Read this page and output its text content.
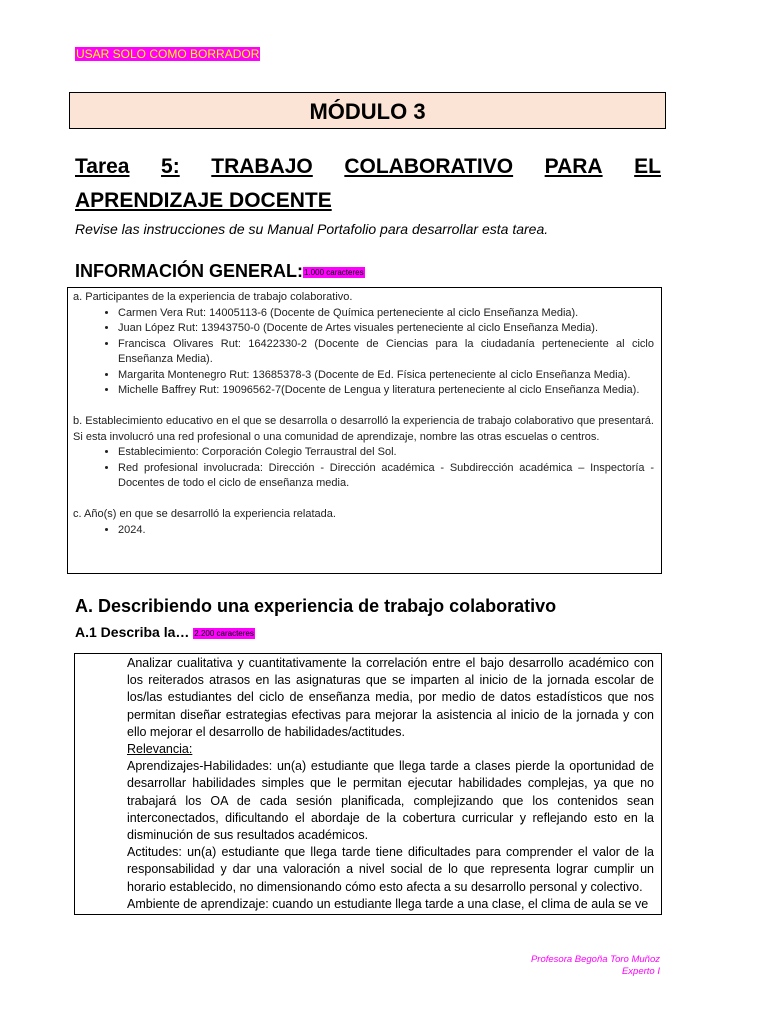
USAR SOLO COMO BORRADOR
MÓDULO 3
Tarea 5: TRABAJO COLABORATIVO PARA EL
APRENDIZAJE DOCENTE
Revise las instrucciones de su Manual Portafolio para desarrollar esta tarea.
INFORMACIÓN GENERAL:1.000 caracteres

a. Participantes de la experiencia de trabajo colaborativo.

• Carmen Vera Rut: 14005113-6 (Docente de Química perteneciente al ciclo Enseñanza Media).
• Juan López Rut: 13943750-0 (Docente de Artes visuales perteneciente al ciclo Enseñanza Media).
• Francisca Olivares Rut: 16422330-2 (Docente de Ciencias para la ciudadanía perteneciente al ciclo Enseñanza Media).
• Margarita Montenegro Rut: 13685378-3 (Docente de Ed. Física perteneciente al ciclo Enseñanza Media).
• Michelle Baffrey Rut: 19096562-7(Docente de Lengua y literatura perteneciente al ciclo Enseñanza Media).

b. Establecimiento educativo en el que se desarrolla o desarrolló la experiencia de trabajo colaborativo que presentará. Si esta involucró una red profesional o una comunidad de aprendizaje, nombre las otras escuelas o centros.

• Establecimiento: Corporación Colegio Terraustral del Sol.
• Red profesional involucrada: Dirección - Dirección académica - Subdirección académica – Inspectoría - Docentes de todo el ciclo de enseñanza media.

c. Año(s) en que se desarrolló la experiencia relatada.

• 2024.
A. Describiendo una experiencia de trabajo colaborativo
A.1 Describa la… 2.200 caracteres

Analizar cualitativa y cuantitativamente la correlación entre el bajo desarrollo académico con los reiterados atrasos en las asignaturas que se imparten al inicio de la jornada escolar de los/las estudiantes del ciclo de enseñanza media, por medio de datos estadísticos que nos permitan diseñar estrategias efectivas para mejorar la asistencia al inicio de la jornada y con ello mejorar el desarrollo de habilidades/actitudes.

Relevancia:

Aprendizajes-Habilidades: un(a) estudiante que llega tarde a clases pierde la oportunidad de desarrollar habilidades simples que le permitan ejecutar habilidades complejas, ya que no trabajará los OA de cada sesión planificada, complejizando que los contenidos sean interconectados, dificultando el abordaje de la cobertura curricular y reflejando esto en la disminución de sus resultados académicos.

Actitudes: un(a) estudiante que llega tarde tiene dificultades para comprender el valor de la responsabilidad y dar una valoración a nivel social de lo que representa lograr cumplir un horario establecido, no dimensionando cómo esto afecta a su desarrollo personal y colectivo.

Ambiente de aprendizaje: cuando un estudiante llega tarde a una clase, el clima de aula se ve

Profesora Begoña Toro Muñoz
Experto I
